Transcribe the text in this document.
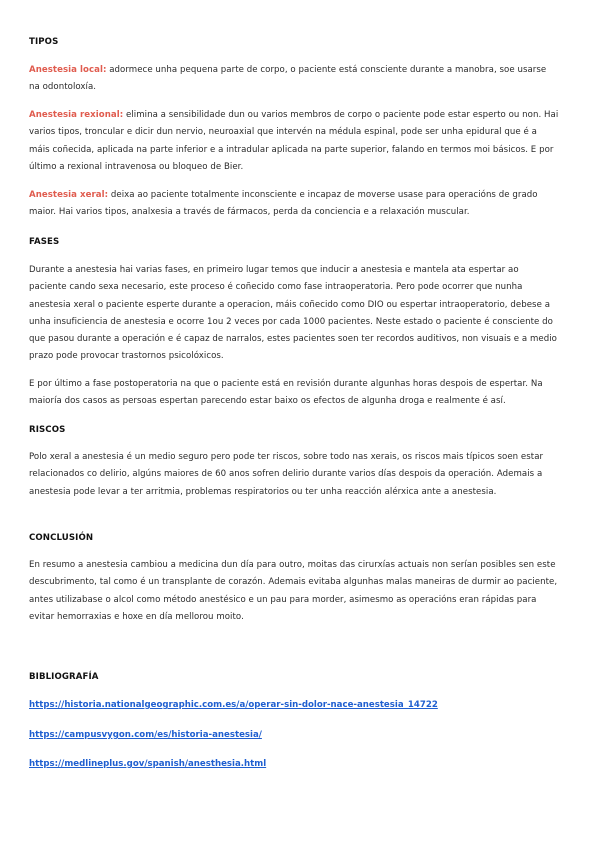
TIPOS
Anestesia local: adormece unha pequena parte de corpo, o paciente está consciente durante a manobra, soe usarse na odontoloxía.
Anestesia rexional: elimina a sensibilidade dun ou varios membros de corpo o paciente pode estar esperto ou non. Hai varios tipos, troncular e dicir dun nervio, neuroaxial que intervén na médula espinal, pode ser unha epidural que é a máis coñecida, aplicada na parte inferior e a intradular aplicada na parte superior, falando en termos moi básicos. E por último a rexional intravenosa ou bloqueo de Bier.
Anestesia xeral: deixa ao paciente totalmente inconsciente e incapaz de moverse usase para operacións de grado maior. Hai varios tipos, analxesia a través de fármacos, perda da conciencia e a relaxación muscular.
FASES
Durante a anestesia hai varias fases, en primeiro lugar temos que inducir a anestesia e mantela ata espertar ao paciente cando sexa necesario, este proceso é coñecido como fase intraoperatoria. Pero pode ocorrer que nunha anestesia xeral o paciente esperte durante a operacion, máis coñecido como DIO ou espertar intraoperatorio, debese a unha insuficiencia de anestesia e ocorre 1ou 2 veces por cada 1000 pacientes. Neste estado o paciente é consciente do que pasou durante a operación e é capaz de narralos, estes pacientes soen ter recordos auditivos, non visuais e a medio prazo pode provocar trastornos psicolóxicos.
E por último a fase postoperatoria na que o paciente está en revisión durante algunhas horas despois de espertar. Na maioría dos casos as persoas espertan parecendo estar baixo os efectos de algunha droga e realmente é así.
RISCOS
Polo xeral a anestesia é un medio seguro pero pode ter riscos, sobre todo nas xerais, os riscos mais típicos soen estar relacionados co delirio, algúns maiores de 60 anos sofren delirio durante varios días despois da operación. Ademais a anestesia pode levar a ter arritmia, problemas respiratorios ou ter unha reacción alérxica ante a anestesia.
CONCLUSIÓN
En resumo a anestesia cambiou a medicina dun día para outro, moitas das cirurxías actuais non serían posibles sen este descubrimento, tal como é un transplante de corazón. Ademais evitaba algunhas malas maneiras de durmir ao paciente, antes utilizabase o alcol como método anestésico e un pau para morder, asimesmo as operacións eran rápidas para evitar hemorraxias e hoxe en día mellorou moito.
BIBLIOGRAFÍA
https://historia.nationalgeographic.com.es/a/operar-sin-dolor-nace-anestesia_14722
https://campusvygon.com/es/historia-anestesia/
https://medlineplus.gov/spanish/anesthesia.html
